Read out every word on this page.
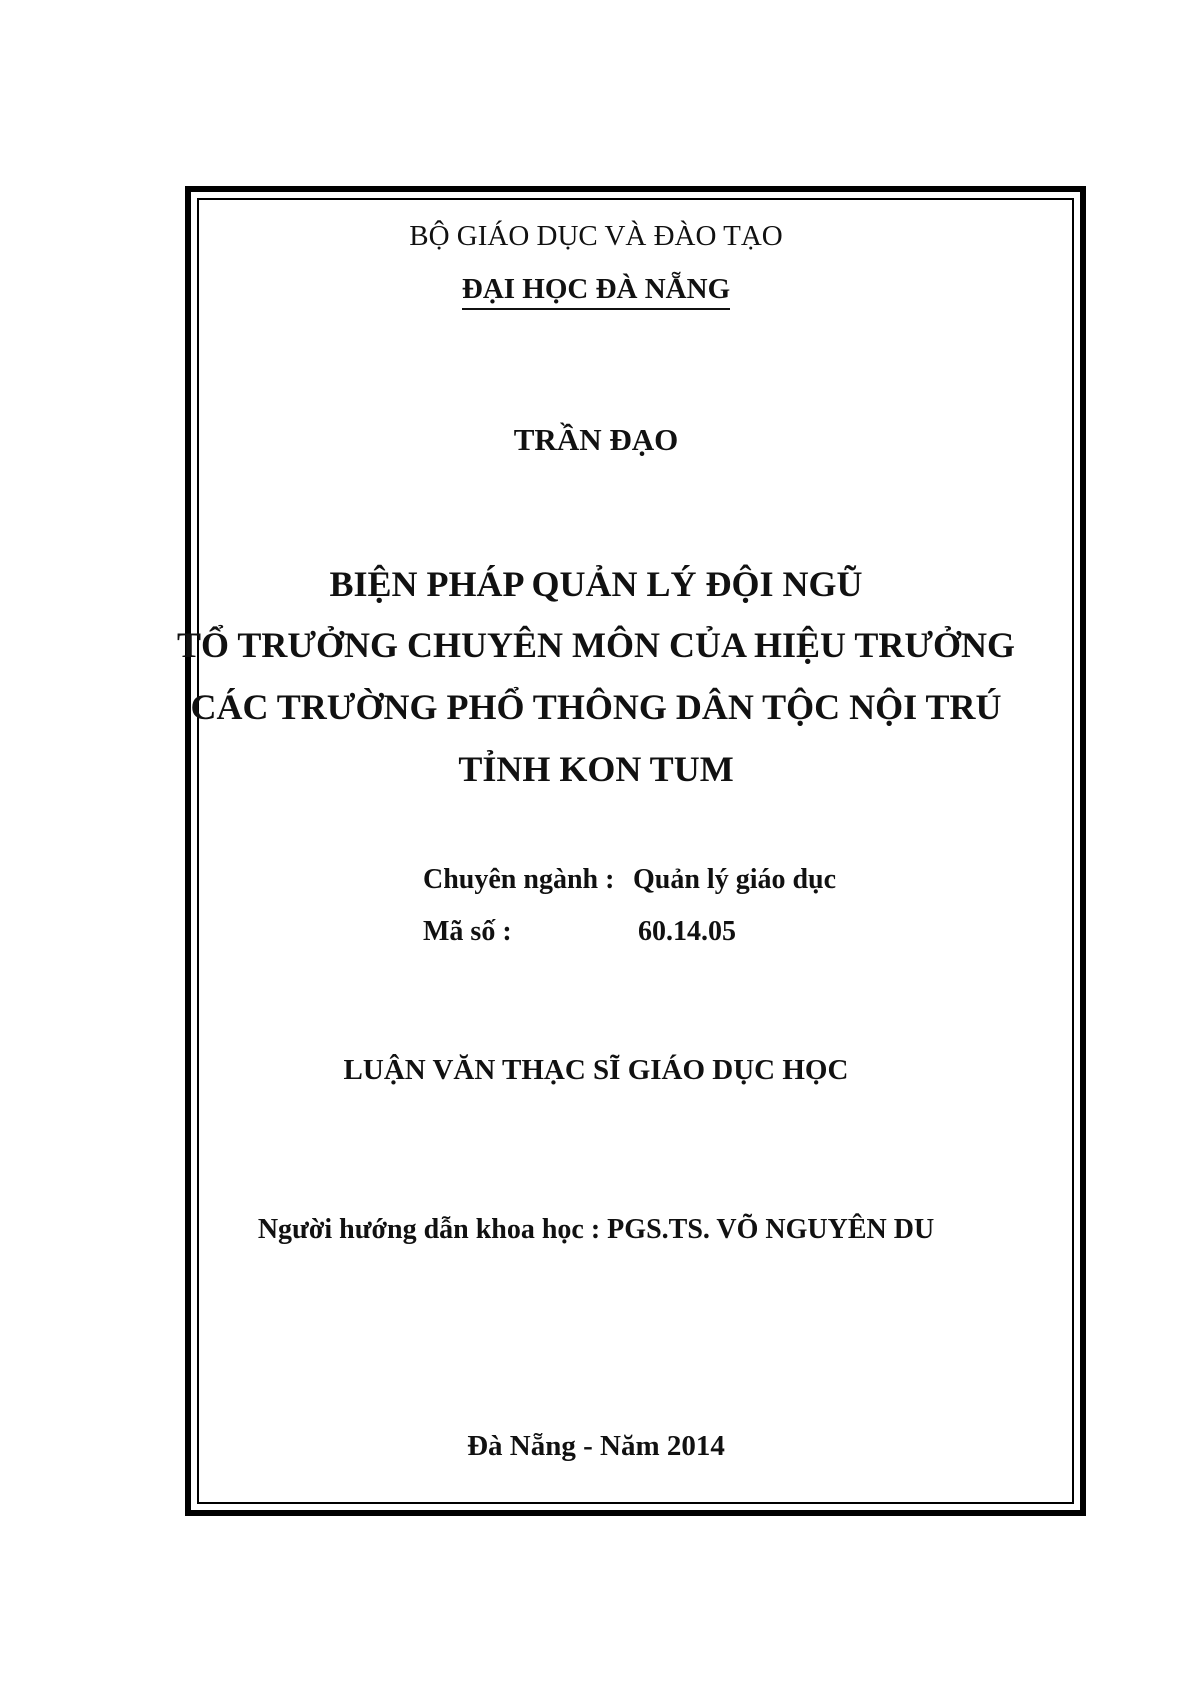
BỘ GIÁO DỤC VÀ ĐÀO TẠO
ĐẠI HỌC ĐÀ NẴNG
TRẦN ĐẠO
BIỆN PHÁP QUẢN LÝ ĐỘI NGŨ
TỔ TRƯỞNG CHUYÊN MÔN CỦA HIỆU TRƯỞNG
CÁC TRƯỜNG PHỔ THÔNG DÂN TỘC NỘI TRÚ
TỈNH KON TUM
Chuyên ngành : Quản lý giáo dục
Mã số :	60.14.05
LUẬN VĂN THẠC SĨ GIÁO DỤC HỌC
Người hướng dẫn khoa học : PGS.TS. VÕ NGUYÊN DU
Đà Nẵng - Năm 2014
